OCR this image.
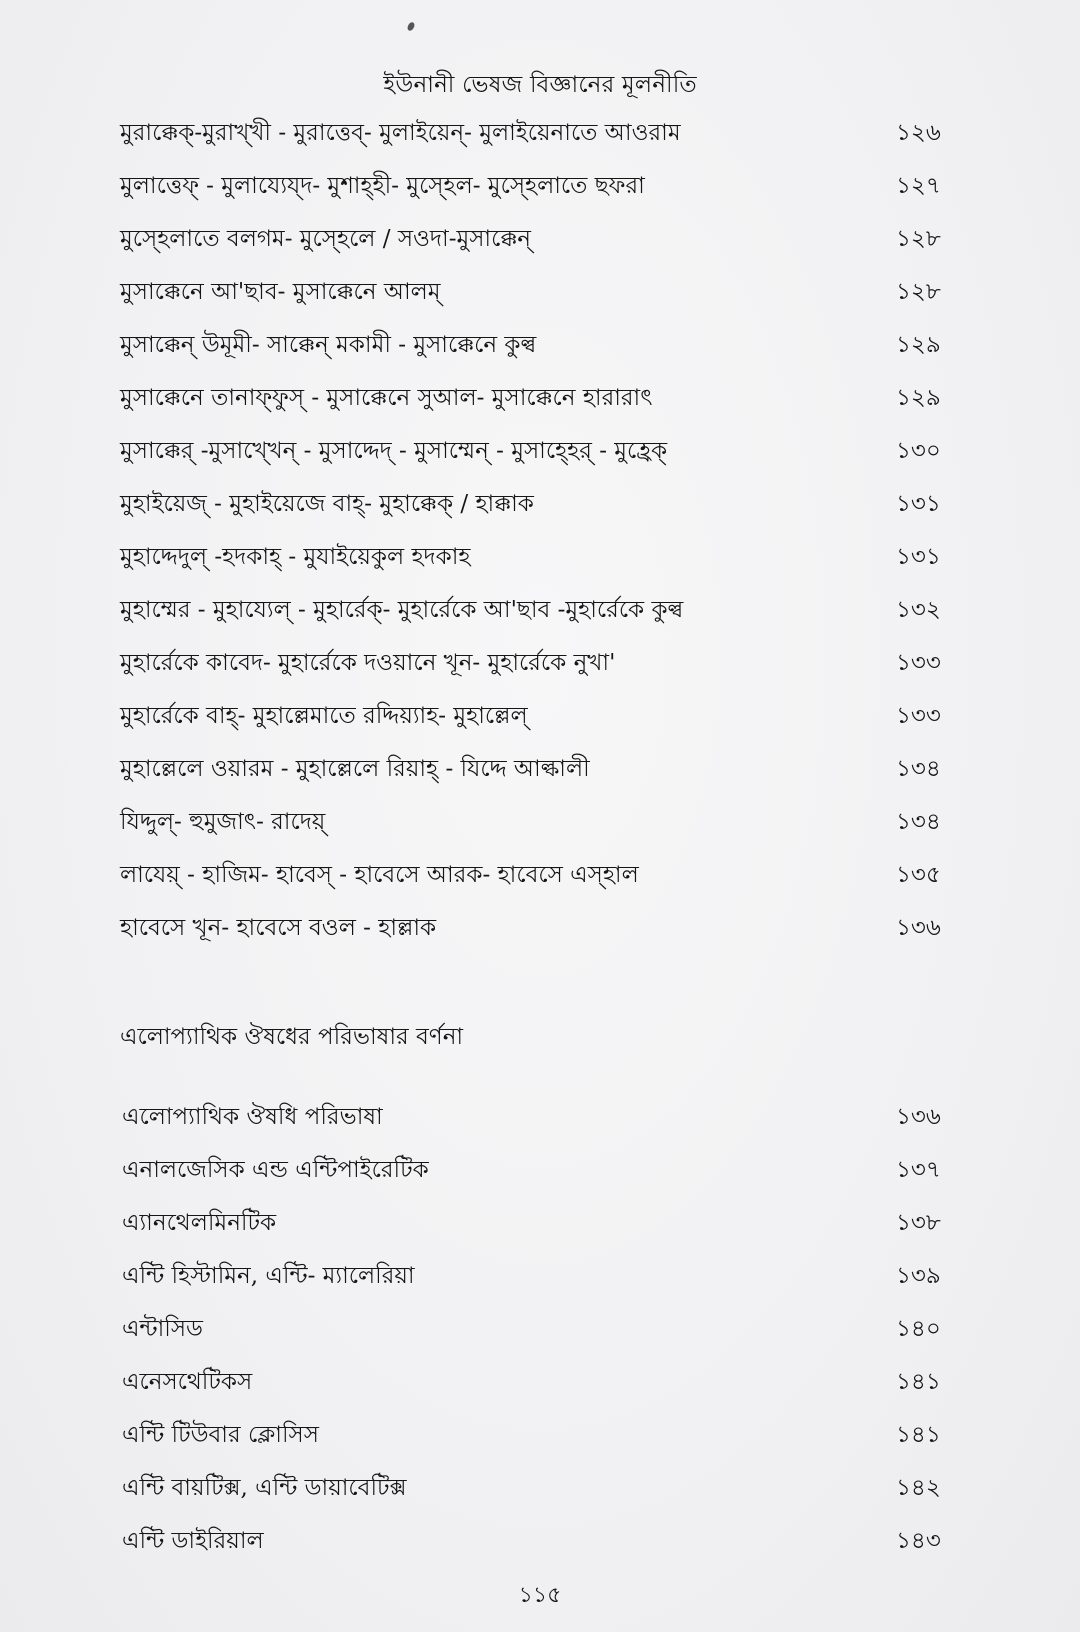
ইউনানী ভেষজ বিজ্ঞানের মূলনীতি
মুরাক্কেক্-মুরাখ্খী - মুরাত্তেব্- মুলাইয়েন্- মুলাইয়েনাতে আওরাম	১২৬
মুলাত্তেফ্ - মুলায্যেয্দ- মুশাহ্হী- মুস্হেল- মুস্হেলাতে ছফরা	১২৭
মুস্হেলাতে বলগম- মুস্হেলে / সওদা-মুসাক্কেন্	১২৮
মুসাক্কেনে আ'ছাব- মুসাক্কেনে আলম্	১২৮
মুসাক্কেন্ উমূমী- সাক্কেন্ মকামী - মুসাক্কেনে কুল্ব	১২৯
মুসাক্কেনে তানাফ্ফুস্ - মুসাক্কেনে সুআল- মুসাক্কেনে হারারাৎ	১২৯
মুসাক্কের্ -মুসাখ্খেন্ - মুসাদ্দেদ্ - মুসাম্মেন্ - মুসাহ্হের্ - মুহ্রেক্	১৩০
মুহাইয়েজ্ - মুহাইয়েজে বাহ্- মুহাক্কেক্ / হাক্কাক	১৩১
মুহাদ্দেদুল্ -হদকাহ্ - মুযাইয়েকুল হদকাহ	১৩১
মুহাম্মের - মুহায্যেল্ - মুহার্রেক্- মুহার্রেকে আ'ছাব -মুহার্রেকে কুল্ব	১৩২
মুহার্রেকে কাবেদ- মুহার্রেকে দওয়ানে খূন- মুহার্রেকে নুখা'	১৩৩
মুহার্রেকে বাহ্- মুহাল্লেমাতে রদ্দিয়্যাহ- মুহাল্লেল্	১৩৩
মুহাল্লেলে ওয়ারম - মুহাল্লেলে রিয়াহ্ - যিদ্দে আল্কালী	১৩৪
যিদ্দুল্- হুমুজাৎ- রাদেয়্	১৩৪
লাযেয়্ - হাজিম- হাবেস্ - হাবেসে আরক- হাবেসে এস্হাল	১৩৫
হাবেসে খূন- হাবেসে বওল - হাল্লাক	১৩৬
এলোপ্যাথিক ঔষধের পরিভাষার বর্ণনা
এলোপ্যাথিক ঔষধি পরিভাষা	১৩৬
এনালজেসিক এন্ড এন্টিপাইরেটিক	১৩৭
এ্যানথেলমিনটিক	১৩৮
এন্টি হিস্টামিন, এন্টি- ম্যালেরিয়া	১৩৯
এন্টাসিড	১৪০
এনেসথেটিকস	১৪১
এন্টি টিউবার ক্লোসিস	১৪১
এন্টি বায়টিক্স, এন্টি ডায়াবেটিক্স	১৪২
এন্টি ডাইরিয়াল	১৪৩
১১৫
